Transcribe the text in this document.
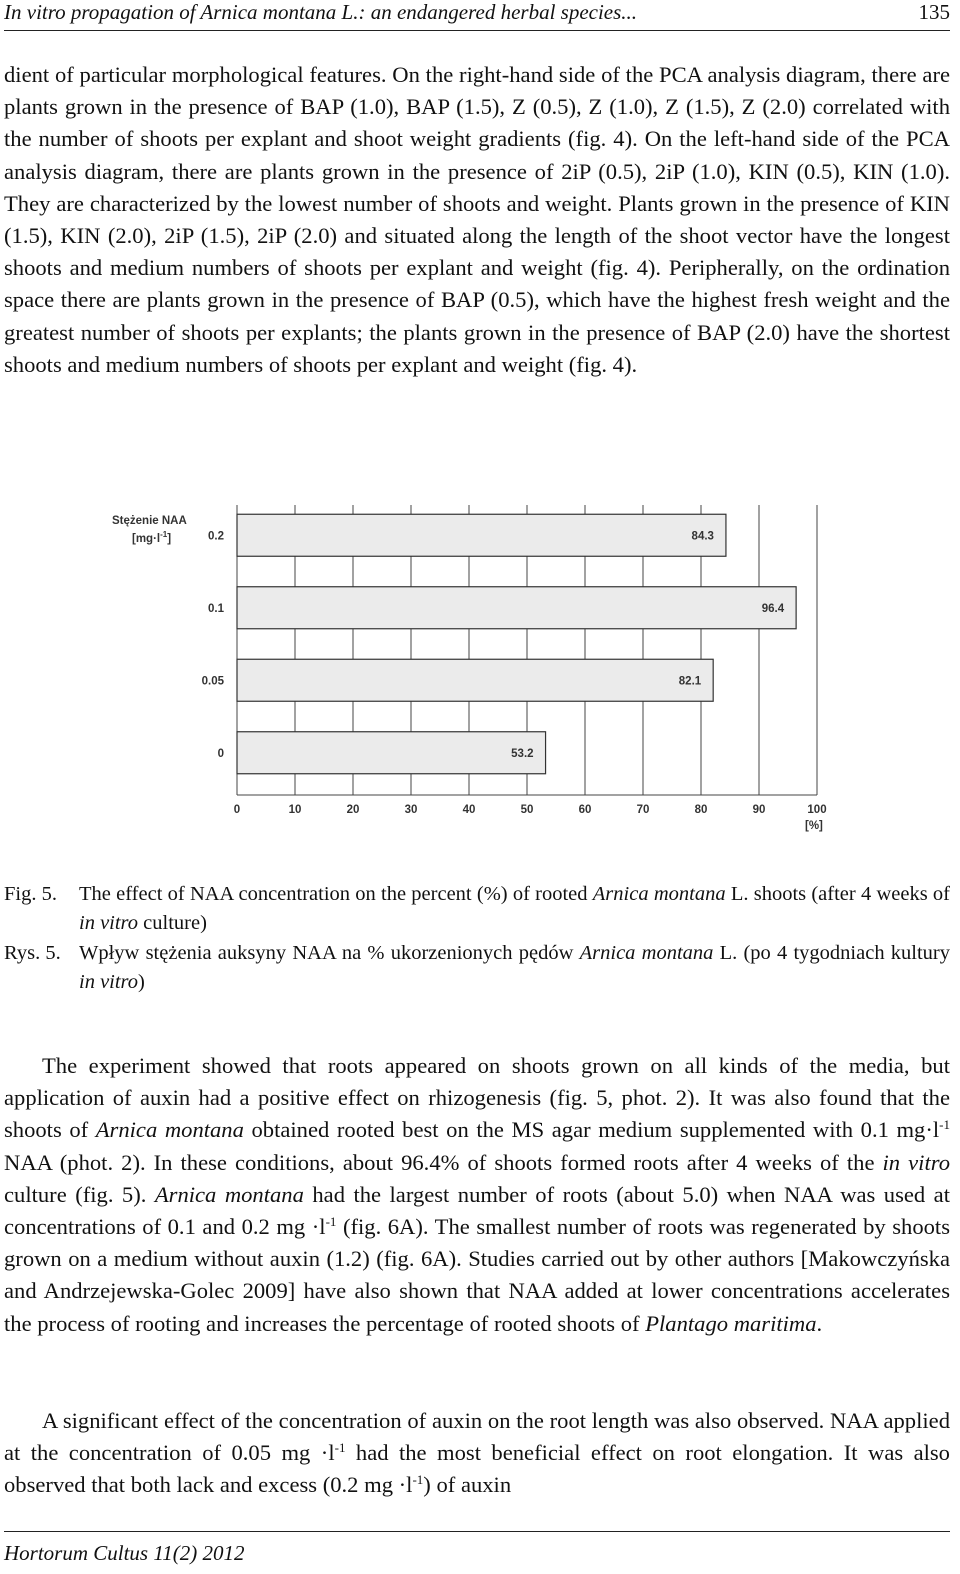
In vitro propagation of Arnica montana L.: an endangered herbal species...	135

dient of particular morphological features. On the right-hand side of the PCA analysis diagram, there are plants grown in the presence of BAP (1.0), BAP (1.5), Z (0.5), Z (1.0), Z (1.5), Z (2.0) correlated with the number of shoots per explant and shoot weight gradients (fig. 4). On the left-hand side of the PCA analysis diagram, there are plants grown in the presence of 2iP (0.5), 2iP (1.0), KIN (0.5), KIN (1.0). They are characterized by the lowest number of shoots and weight. Plants grown in the presence of KIN (1.5), KIN (2.0), 2iP (1.5), 2iP (2.0) and situated along the length of the shoot vector have the longest shoots and medium numbers of shoots per explant and weight (fig. 4). Peripherally, on the ordination space there are plants grown in the presence of BAP (0.5), which have the highest fresh weight and the greatest number of shoots per explants; the plants grown in the presence of BAP (2.0) have the shortest shoots and medium numbers of shoots per explant and weight (fig. 4).

Stężenie NAA
$[mg\cdot l^{-1}]$
[%]
0	10	20	30	40	50	60	70	80	90	100
0.2	84.3
0.1	96.4
0.05	82.1
0	53.2
Fig. 5. The effect of NAA concentration on the percent (%) of rooted Arnica montana L. shoots (after 4 weeks of in vitro culture)
Rys. 5. Wpływ stężenia auksyny NAA na % ukorzenionych pędów Arnica montana L. (po 4 tygodniach kultury in vitro)

The experiment showed that roots appeared on shoots grown on all kinds of the media, but application of auxin had a positive effect on rhizogenesis (fig. 5, phot. 2). It was also found that the shoots of Arnica montana obtained rooted best on the MS agar medium supplemented with 0.1 $mg\cdot l^{-1}$ NAA (phot. 2). In these conditions, about 96.4% of shoots formed roots after 4 weeks of the in vitro culture (fig. 5). Arnica montana had the largest number of roots (about 5.0) when NAA was used at concentrations of 0.1 and 0.2 mg $\cdot l^{-1}$ (fig. 6A). The smallest number of roots was regenerated by shoots grown on a medium without auxin (1.2) (fig. 6A). Studies carried out by other authors [Makowczyńska and Andrzejewska-Golec 2009] have also shown that NAA added at lower concentrations accelerates the process of rooting and increases the percentage of rooted shoots of Plantago maritima.

A significant effect of the concentration of auxin on the root length was also observed. NAA applied at the concentration of 0.05 mg $\cdot l^{-1}$ had the most beneficial effect on root elongation. It was also observed that both lack and excess (0.2 mg $\cdot l^{-1}$) of auxin

Hortorum Cultus 11(2) 2012
